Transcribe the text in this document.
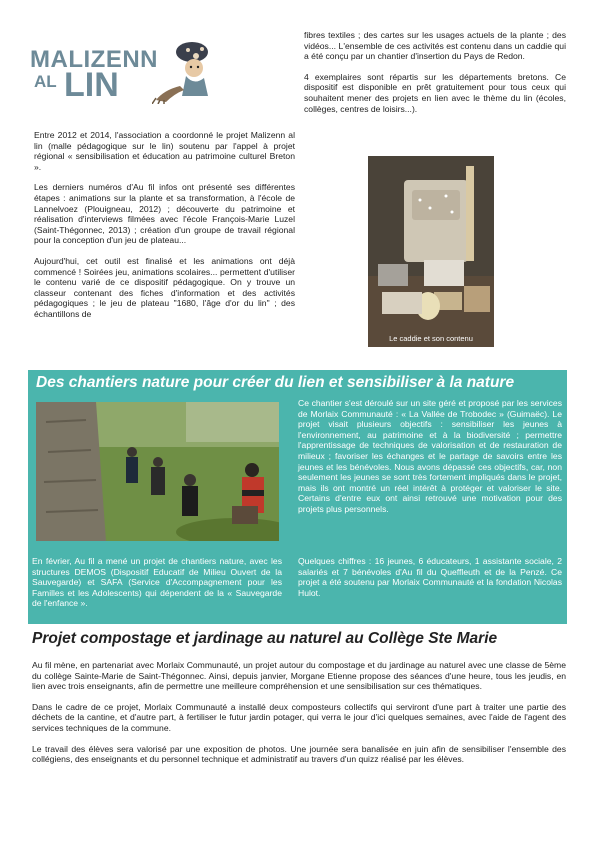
MALIZENN
AL LIN

Entre 2012 et 2014, l'association a coordonné le projet Malizenn al lin (malle pédagogique sur le lin) soutenu par l'appel à projet régional « sensibilisation et éducation au patrimoine culturel Breton ».

Les derniers numéros d'Au fil infos ont présenté ses différentes étapes : animations sur la plante et sa transformation, à l'école de Lannelvoez (Plouigneau, 2012) ; découverte du patrimoine et réalisation d'interviews filmées avec l'école François-Marie Luzel (Saint-Thégonnec, 2013) ; création d'un groupe de travail régional pour la conception d'un jeu de plateau...

Aujourd'hui, cet outil est finalisé et les animations ont déjà commencé ! Soirées jeu, animations scolaires... permettent d'utiliser le contenu varié de ce dispositif pédagogique. On y trouve un classeur contenant des fiches d'information et des activités pédagogiques ; le jeu de plateau "1680, l'âge d'or du lin" ; des échantillons de

fibres textiles ; des cartes sur les usages actuels de la plante ; des vidéos... L'ensemble de ces activités est contenu dans un caddie qui a été conçu par un chantier d'insertion du Pays de Redon.

4 exemplaires sont répartis sur les départements bretons. Ce dispositif est disponible en prêt gratuitement pour tous ceux qui souhaitent mener des projets en lien avec le thème du lin (écoles, collèges, centres de loisirs...).

Le caddie et son contenu
Des chantiers nature pour créer du lien et sensibiliser à la nature

Ce chantier s'est déroulé sur un site géré et proposé par les services de Morlaix Communauté : « La Vallée de Trobodec » (Guimaëc). Le projet visait plusieurs objectifs : sensibiliser les jeunes à l'environnement, au patrimoine et à la biodiversité ; permettre l'apprentissage de techniques de valorisation et de restauration de milieux ; favoriser les échanges et le partage de savoirs entre les jeunes et les bénévoles. Nous avons dépassé ces objectifs, car, non seulement les jeunes se sont très fortement impliqués dans le projet, mais ils ont montré un réel intérêt à protéger et valoriser le site. Certains d'entre eux ont ainsi retrouvé une motivation pour des projets plus personnels.

En février, Au fil a mené un projet de chantiers nature, avec les structures DEMOS (Dispositif Educatif de Milieu Ouvert de la Sauvegarde) et SAFA (Service d'Accompagnement pour les Familles et les Adolescents) qui dépendent de la « Sauvegarde de l'enfance ».

Quelques chiffres : 16 jeunes, 6 éducateurs, 1 assistante sociale, 2 salariés et 7 bénévoles d'Au fil du Queffleuth et de la Penzé. Ce projet a été soutenu par Morlaix Communauté et la fondation Nicolas Hulot.

Projet compostage et jardinage au naturel au Collège Ste Marie

Au fil mène, en partenariat avec Morlaix Communauté, un projet autour du compostage et du jardinage au naturel avec une classe de 5ème du collège Sainte-Marie de Saint-Thégonnec. Ainsi, depuis janvier, Morgane Etienne propose des séances d'une heure, tous les jeudis, en lien avec trois enseignants, afin de permettre une meilleure compréhension et une sensibilisation sur ces thématiques.

Dans le cadre de ce projet, Morlaix Communauté a installé deux composteurs collectifs qui serviront d'une part à traiter une partie des déchets de la cantine, et d'autre part, à fertiliser le futur jardin potager, qui verra le jour d'ici quelques semaines, avec l'aide de l'agent des services techniques de la commune.

Le travail des élèves sera valorisé par une exposition de photos. Une journée sera banalisée en juin afin de sensibiliser l'ensemble des collégiens, des enseignants et du personnel technique et administratif au travers d'un quizz réalisé par les élèves.
